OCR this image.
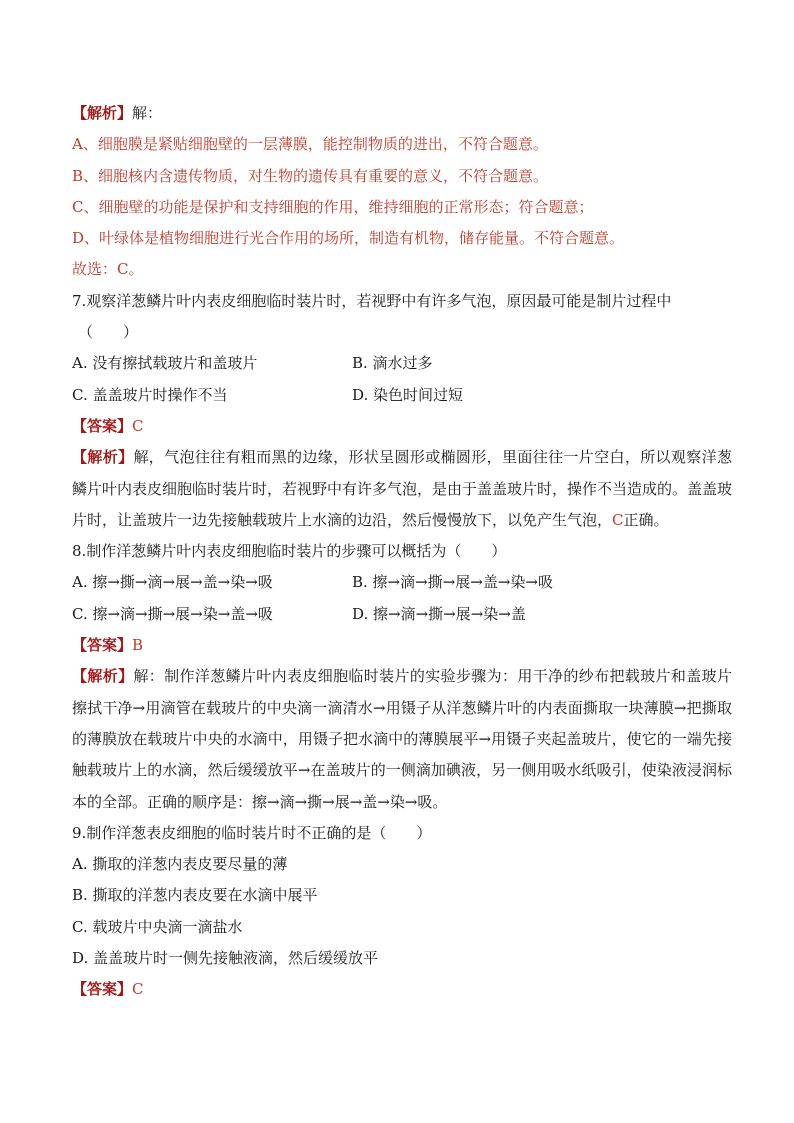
【解析】解：
A、细胞膜是紧贴细胞壁的一层薄膜，能控制物质的进出，不符合题意。
B、细胞核内含遗传物质，对生物的遗传具有重要的意义，不符合题意。
C、细胞壁的功能是保护和支持细胞的作用，维持细胞的正常形态；符合题意；
D、叶绿体是植物细胞进行光合作用的场所，制造有机物，储存能量。不符合题意。
故选：C。
7.观察洋葱鳞片叶内表皮细胞临时装片时，若视野中有许多气泡，原因最可能是制片过程中
（　　）
A. 没有擦拭载玻片和盖玻片	B. 滴水过多
C. 盖盖玻片时操作不当	D. 染色时间过短
【答案】C
【解析】解，气泡往往有粗而黑的边缘，形状呈圆形或椭圆形，里面往往一片空白，所以观察洋葱鳞片叶内表皮细胞临时装片时，若视野中有许多气泡，是由于盖盖玻片时，操作不当造成的。盖盖玻片时，让盖玻片一边先接触载玻片上水滴的边沿，然后慢慢放下，以免产生气泡，C正确。
8.制作洋葱鳞片叶内表皮细胞临时装片的步骤可以概括为（　　）
A. 擦→撕→滴→展→盖→染→吸	B. 擦→滴→撕→展→盖→染→吸
C. 擦→滴→撕→展→染→盖→吸	D. 擦→滴→撕→展→染→盖
【答案】B
【解析】解：制作洋葱鳞片叶内表皮细胞临时装片的实验步骤为：用干净的纱布把载玻片和盖玻片擦拭干净→用滴管在载玻片的中央滴一滴清水→用镊子从洋葱鳞片叶的内表面撕取一块薄膜→把撕取的薄膜放在载玻片中央的水滴中，用镊子把水滴中的薄膜展平→用镊子夹起盖玻片，使它的一端先接触载玻片上的水滴，然后缓缓放平→在盖玻片的一侧滴加碘液，另一侧用吸水纸吸引，使染液浸润标本的全部。正确的顺序是：擦→滴→撕→展→盖→染→吸。
9.制作洋葱表皮细胞的临时装片时不正确的是（　　）
A. 撕取的洋葱内表皮要尽量的薄
B. 撕取的洋葱内表皮要在水滴中展平
C. 载玻片中央滴一滴盐水
D. 盖盖玻片时一侧先接触液滴，然后缓缓放平
【答案】C
